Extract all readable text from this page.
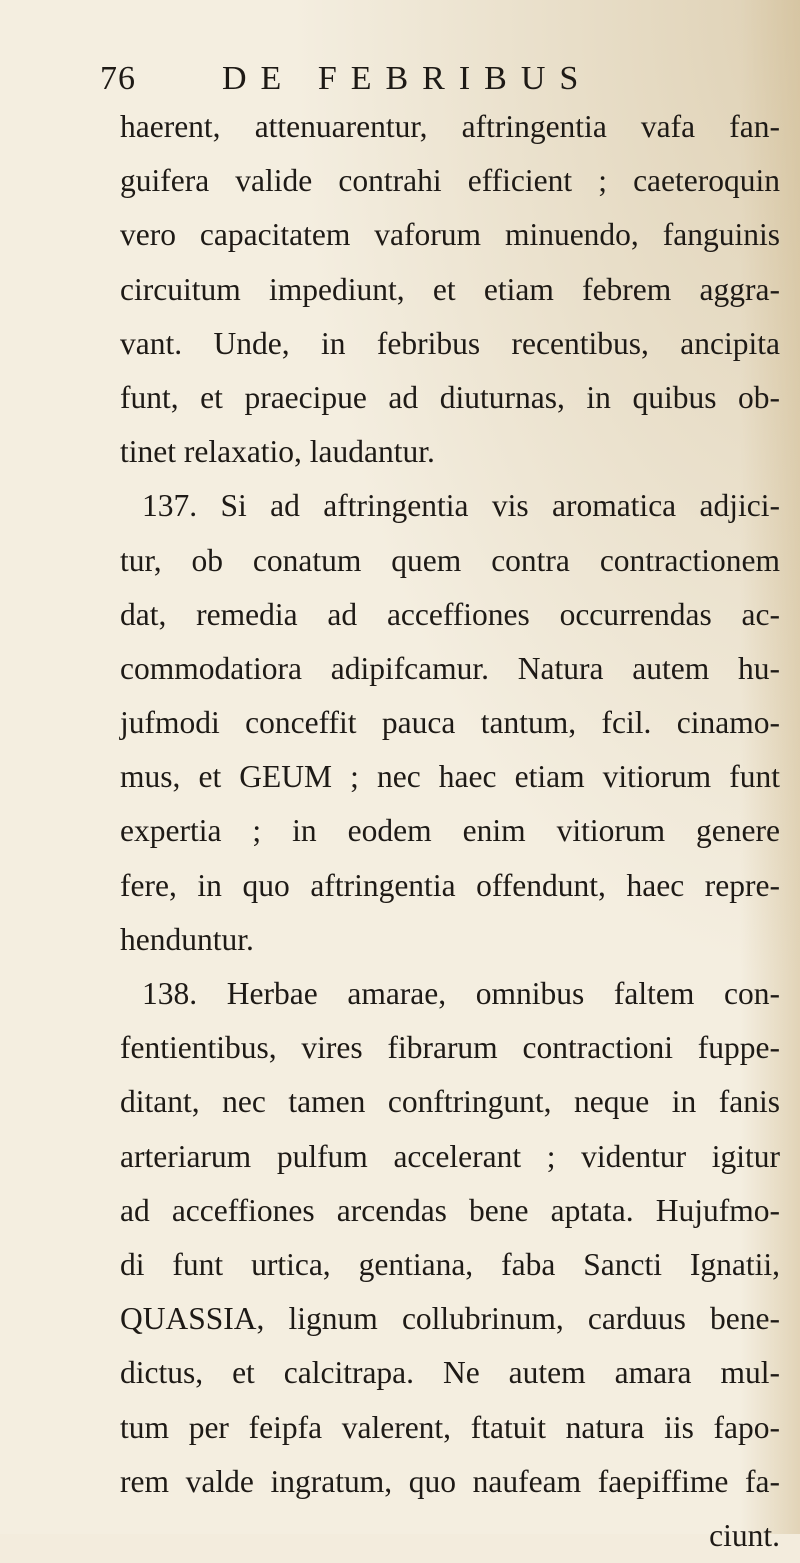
76	DE FEBRIBUS
haerent, attenuarentur, aftringentia vafa fan-
guifera valide contrahi efficient ; caeteroquin
vero capacitatem vaforum minuendo, fanguinis
circuitum impediunt, et etiam febrem aggra-
vant. Unde, in febribus recentibus, ancipita
funt, et praecipue ad diuturnas, in quibus ob-
tinet relaxatio, laudantur.
137. Si ad aftringentia vis aromatica adjici-
tur, ob conatum quem contra contractionem
dat, remedia ad acceffiones occurrendas ac-
commodatiora adipifcamur. Natura autem hu-
jufmodi conceffit pauca tantum, fcil. cinamo-
mus, et GEUM ; nec haec etiam vitiorum funt
expertia ; in eodem enim vitiorum genere
fere, in quo aftringentia offendunt, haec repre-
henduntur.
138. Herbae amarae, omnibus faltem con-
fentientibus, vires fibrarum contractioni fuppe-
ditant, nec tamen conftringunt, neque in fanis
arteriarum pulfum accelerant ; videntur igitur
ad acceffiones arcendas bene aptata. Hujufmo-
di funt urtica, gentiana, faba Sancti Ignatii,
QUASSIA, lignum collubrinum, carduus bene-
dictus, et calcitrapa. Ne autem amara mul-
tum per feipfa valerent, ftatuit natura iis fapo-
rem valde ingratum, quo naufeam faepiffime fa-
ciunt.
